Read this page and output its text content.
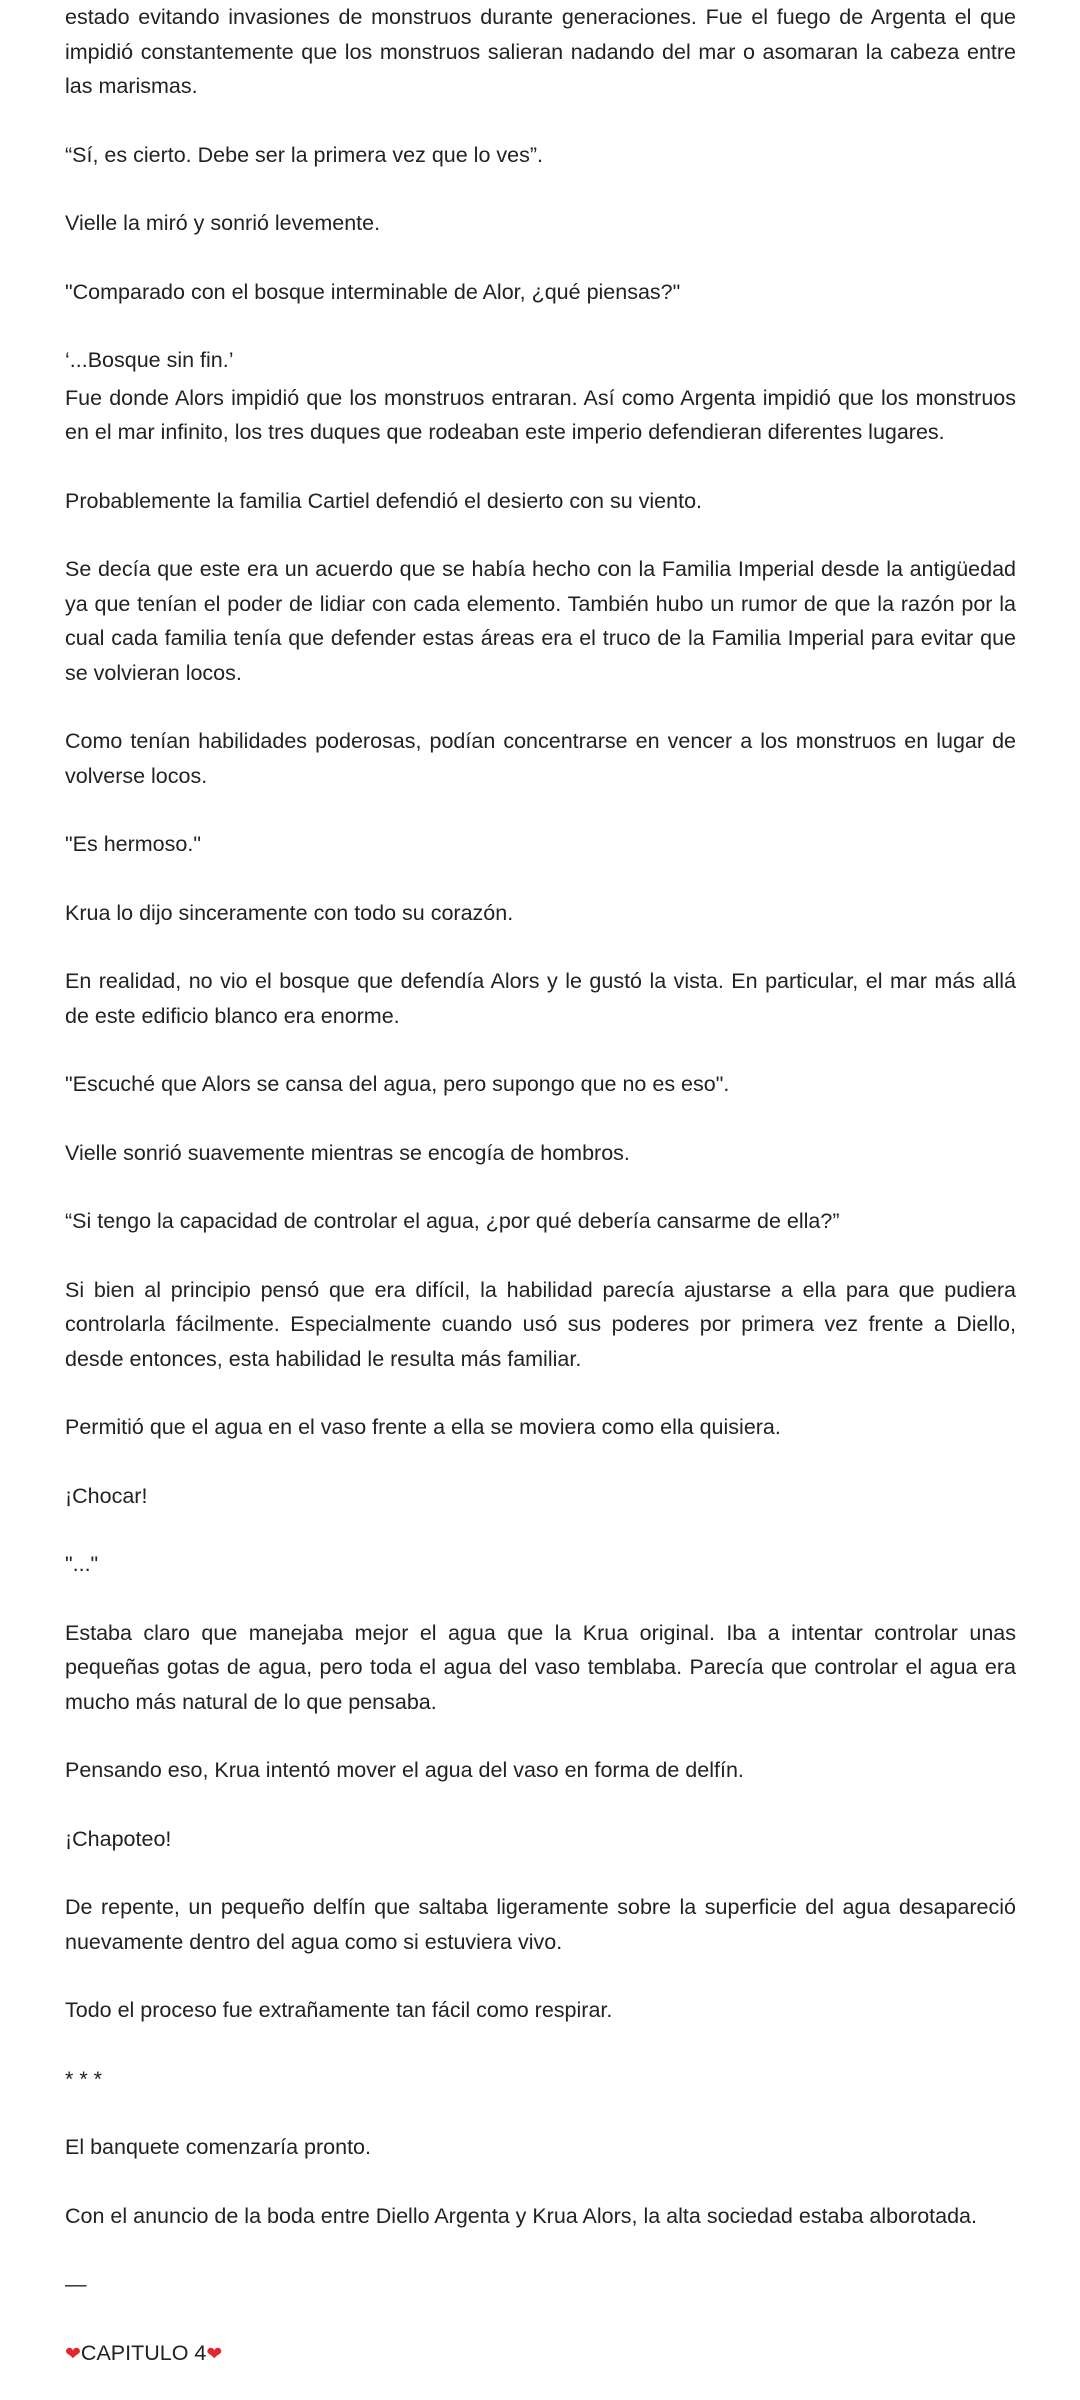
estado evitando invasiones de monstruos durante generaciones. Fue el fuego de Argenta el que impidió constantemente que los monstruos salieran nadando del mar o asomaran la cabeza entre las marismas.

“Sí, es cierto. Debe ser la primera vez que lo ves”.

Vielle la miró y sonrió levemente.

"Comparado con el bosque interminable de Alor, ¿qué piensas?"

‘...Bosque sin fin.’

Fue donde Alors impidió que los monstruos entraran. Así como Argenta impidió que los monstruos en el mar infinito, los tres duques que rodeaban este imperio defendieran diferentes lugares.

Probablemente la familia Cartiel defendió el desierto con su viento.

Se decía que este era un acuerdo que se había hecho con la Familia Imperial desde la antigüedad ya que tenían el poder de lidiar con cada elemento. También hubo un rumor de que la razón por la cual cada familia tenía que defender estas áreas era el truco de la Familia Imperial para evitar que se volvieran locos.

Como tenían habilidades poderosas, podían concentrarse en vencer a los monstruos en lugar de volverse locos.

"Es hermoso."

Krua lo dijo sinceramente con todo su corazón.

En realidad, no vio el bosque que defendía Alors y le gustó la vista. En particular, el mar más allá de este edificio blanco era enorme.

"Escuché que Alors se cansa del agua, pero supongo que no es eso".

Vielle sonrió suavemente mientras se encogía de hombros.

“Si tengo la capacidad de controlar el agua, ¿por qué debería cansarme de ella?”

Si bien al principio pensó que era difícil, la habilidad parecía ajustarse a ella para que pudiera controlarla fácilmente. Especialmente cuando usó sus poderes por primera vez frente a Diello, desde entonces, esta habilidad le resulta más familiar.

Permitió que el agua en el vaso frente a ella se moviera como ella quisiera.

¡Chocar!

"..."

Estaba claro que manejaba mejor el agua que la Krua original. Iba a intentar controlar unas pequeñas gotas de agua, pero toda el agua del vaso temblaba. Parecía que controlar el agua era mucho más natural de lo que pensaba.

Pensando eso, Krua intentó mover el agua del vaso en forma de delfín.

¡Chapoteo!

De repente, un pequeño delfín que saltaba ligeramente sobre la superficie del agua desapareció nuevamente dentro del agua como si estuviera vivo.

Todo el proceso fue extrañamente tan fácil como respirar.

* * *

El banquete comenzaría pronto.

Con el anuncio de la boda entre Diello Argenta y Krua Alors, la alta sociedad estaba alborotada.

—

❤CAPITULO 4❤
